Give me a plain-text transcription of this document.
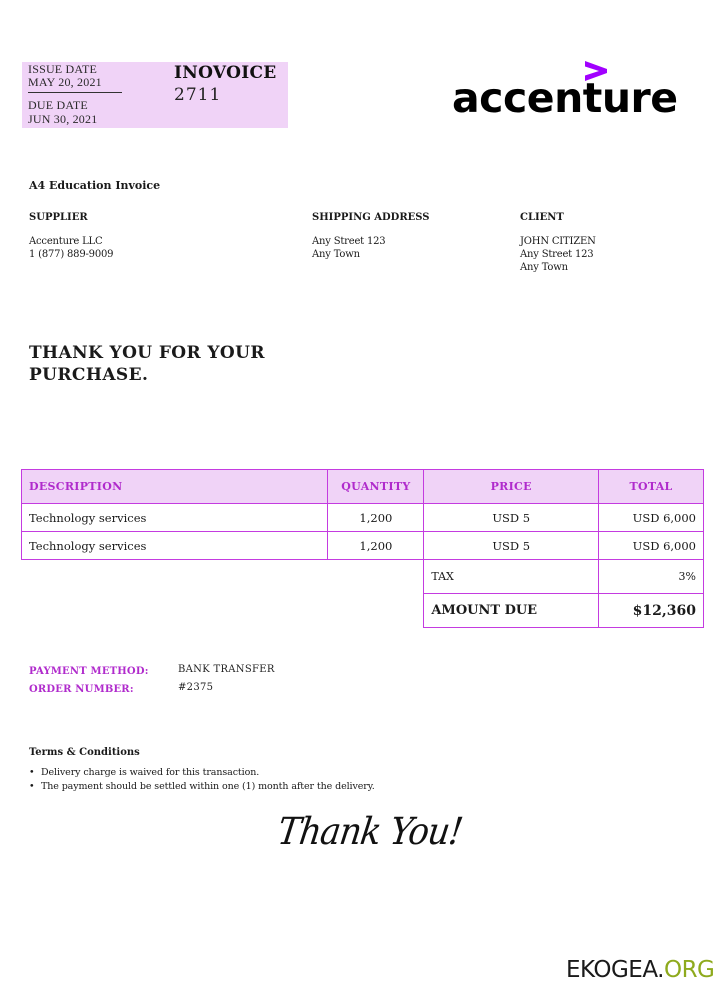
ISSUE DATE
MAY 20, 2021
DUE DATE
JUN 30, 2021
INOVOICE
2711	accenture
A4 Education Invoice
SUPPLIER
Accenture LLC
1 (877) 889-9009
SHIPPING ADDRESS
Any Street 123
Any Town
CLIENT
JOHN CITIZEN
Any Street 123
Any Town
THANK YOU FOR YOUR PURCHASE.
DESCRIPTION	QUANTITY	PRICE	TOTAL
Technology services	1,200	USD 5	USD 6,000
Technology services	1,200	USD 5	USD 6,000
		TAX	3%
		AMOUNT DUE	$12,360
PAYMENT METHOD:	BANK TRANSFER
ORDER NUMBER:	#2375
Terms & Conditions
• Delivery charge is waived for this transaction.
• The payment should be settled within one (1) month after the delivery.
Thank You!
EKOGEA.ORG
